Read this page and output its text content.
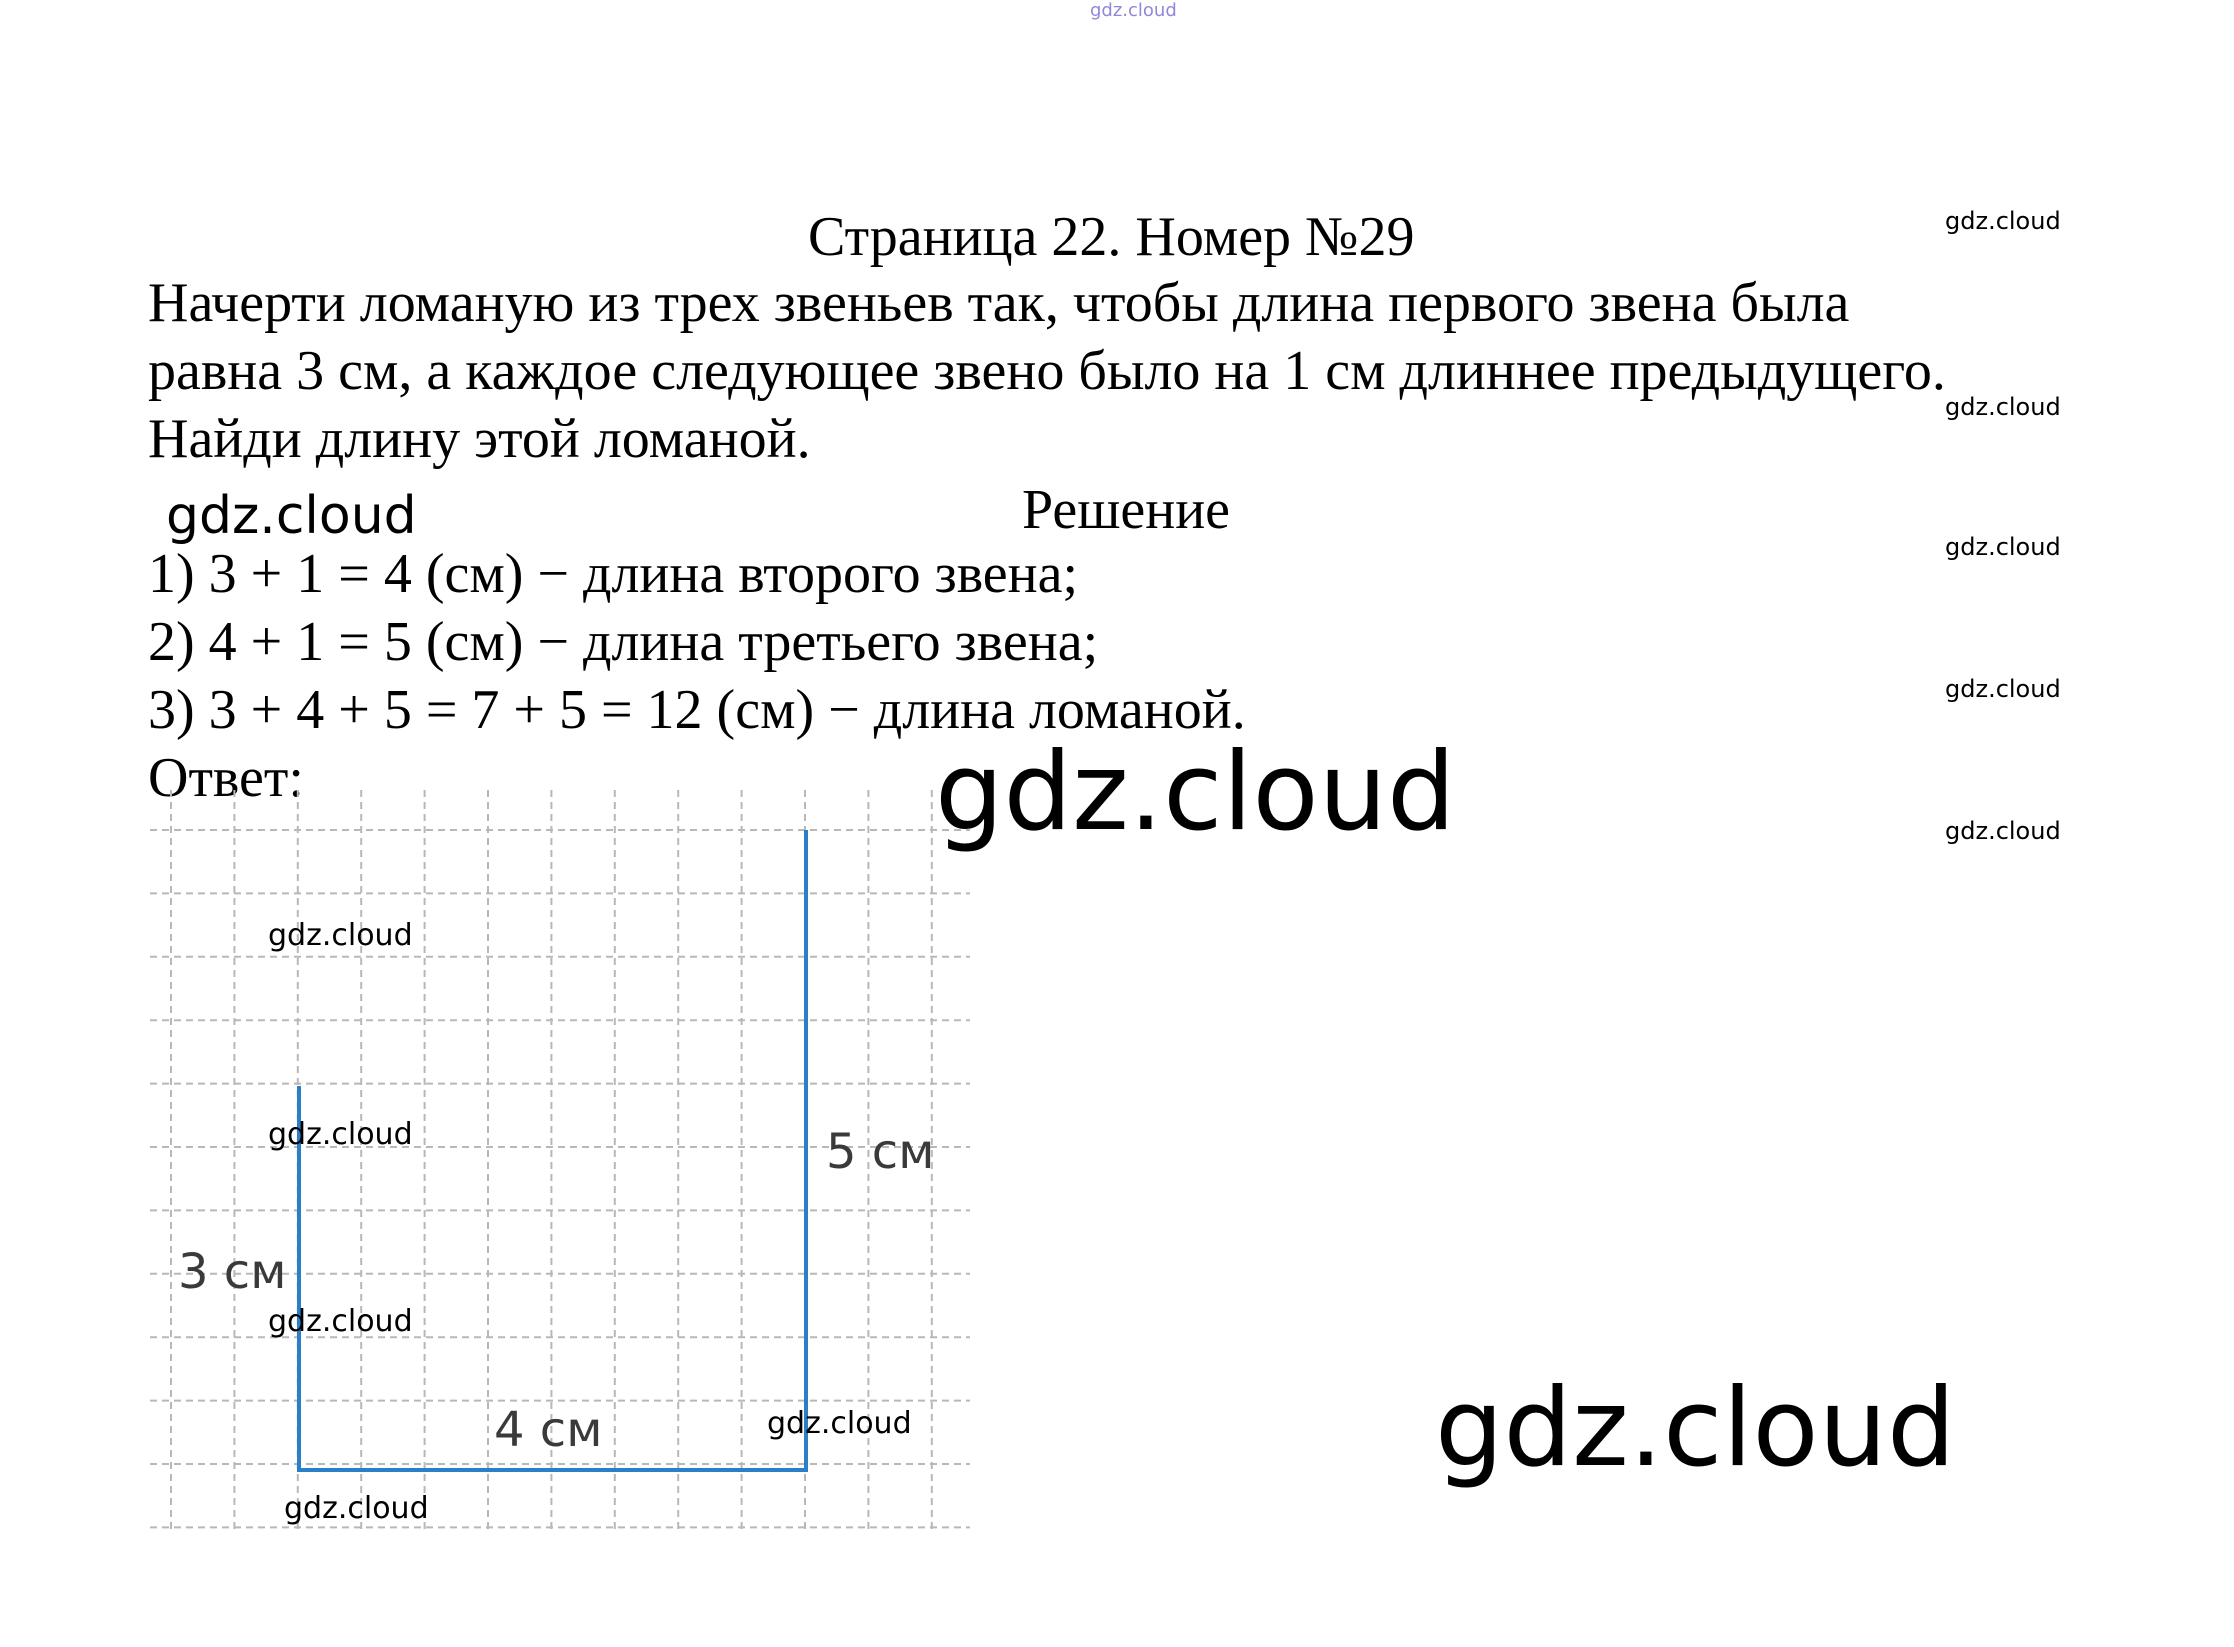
gdz.cloud
Страница 22. Номер №29
Начерти ломаную из трех звеньев так, чтобы длина первого звена была
равна 3 см, а каждое следующее звено было на 1 см длиннее предыдущего.
Найди длину этой ломаной.
Решение
1) 3 + 1 = 4 (см) − длина второго звена;
2) 4 + 1 = 5 (см) − длина третьего звена;
3) 3 + 4 + 5 = 7 + 5 = 12 (см) − длина ломаной.
Ответ:
3 см
4 см
5 см
gdz.cloud
gdz.cloud
gdz.cloud
gdz.cloud
gdz.cloud
gdz.cloud
gdz.cloud
gdz.cloud
gdz.cloud
gdz.cloud
gdz.cloud
gdz.cloud
gdz.cloud
